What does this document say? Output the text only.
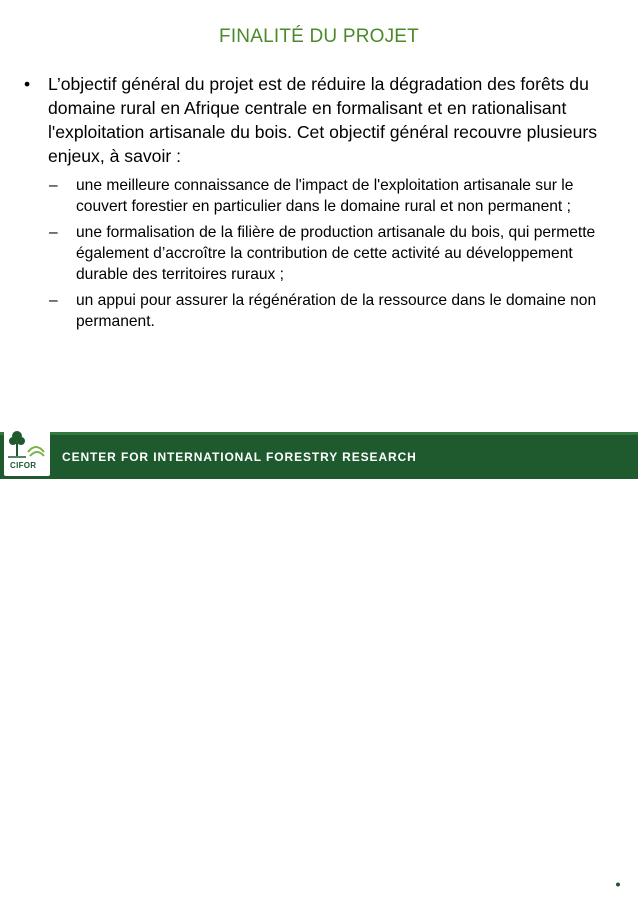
FINALITÉ DU PROJET
• L’objectif général du projet est de réduire la dégradation des forêts du domaine rural en Afrique centrale en formalisant et en rationalisant l'exploitation artisanale du bois. Cet objectif général recouvre plusieurs enjeux, à savoir :
– une meilleure connaissance de l'impact de l'exploitation artisanale sur le couvert forestier en particulier dans le domaine rural et non permanent ;
– une formalisation de la filière de production artisanale du bois, qui permette également d’accroître la contribution de cette activité au développement durable des territoires ruraux ;
– un appui pour assurer la régénération de la ressource dans le domaine non permanent.
CENTER FOR INTERNATIONAL FORESTRY RESEARCH
CGIAR
CIFOR
